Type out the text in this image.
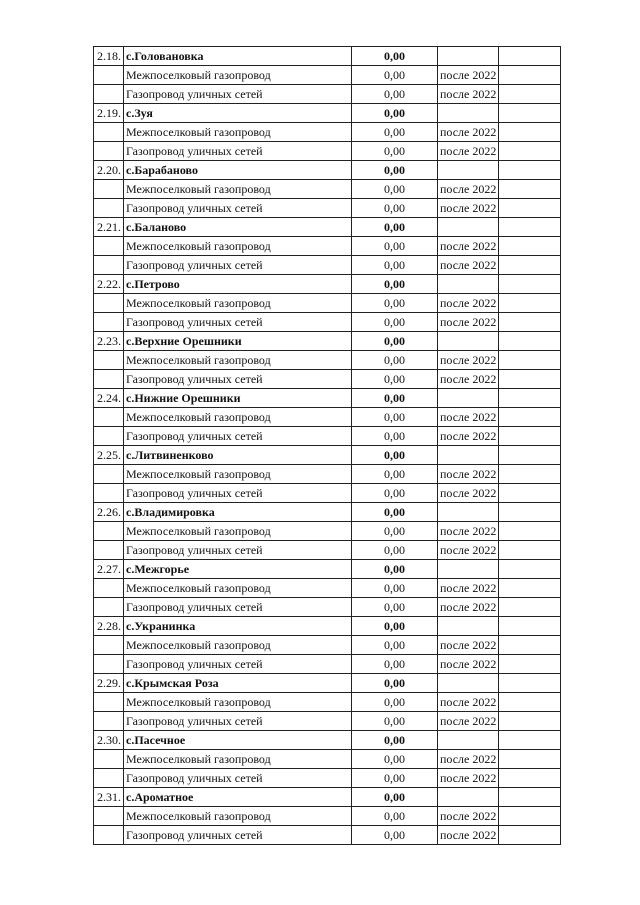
2.18.	с.Головановка	0,00		
	Межпоселковый газопровод	0,00	после 2022	
	Газопровод уличных сетей	0,00	после 2022	
2.19.	с.Зуя	0,00		
	Межпоселковый газопровод	0,00	после 2022	
	Газопровод уличных сетей	0,00	после 2022	
2.20.	с.Барабаново	0,00		
	Межпоселковый газопровод	0,00	после 2022	
	Газопровод уличных сетей	0,00	после 2022	
2.21.	с.Баланово	0,00		
	Межпоселковый газопровод	0,00	после 2022	
	Газопровод уличных сетей	0,00	после 2022	
2.22.	с.Петрово	0,00		
	Межпоселковый газопровод	0,00	после 2022	
	Газопровод уличных сетей	0,00	после 2022	
2.23.	с.Верхние Орешники	0,00		
	Межпоселковый газопровод	0,00	после 2022	
	Газопровод уличных сетей	0,00	после 2022	
2.24.	с.Нижние Орешники	0,00		
	Межпоселковый газопровод	0,00	после 2022	
	Газопровод уличных сетей	0,00	после 2022	
2.25.	с.Литвиненково	0,00		
	Межпоселковый газопровод	0,00	после 2022	
	Газопровод уличных сетей	0,00	после 2022	
2.26.	с.Владимировка	0,00		
	Межпоселковый газопровод	0,00	после 2022	
	Газопровод уличных сетей	0,00	после 2022	
2.27.	с.Межгорье	0,00		
	Межпоселковый газопровод	0,00	после 2022	
	Газопровод уличных сетей	0,00	после 2022	
2.28.	с.Укранинка	0,00		
	Межпоселковый газопровод	0,00	после 2022	
	Газопровод уличных сетей	0,00	после 2022	
2.29.	с.Крымская Роза	0,00		
	Межпоселковый газопровод	0,00	после 2022	
	Газопровод уличных сетей	0,00	после 2022	
2.30.	с.Пасечное	0,00		
	Межпоселковый газопровод	0,00	после 2022	
	Газопровод уличных сетей	0,00	после 2022	
2.31.	с.Ароматное	0,00		
	Межпоселковый газопровод	0,00	после 2022	
	Газопровод уличных сетей	0,00	после 2022	
